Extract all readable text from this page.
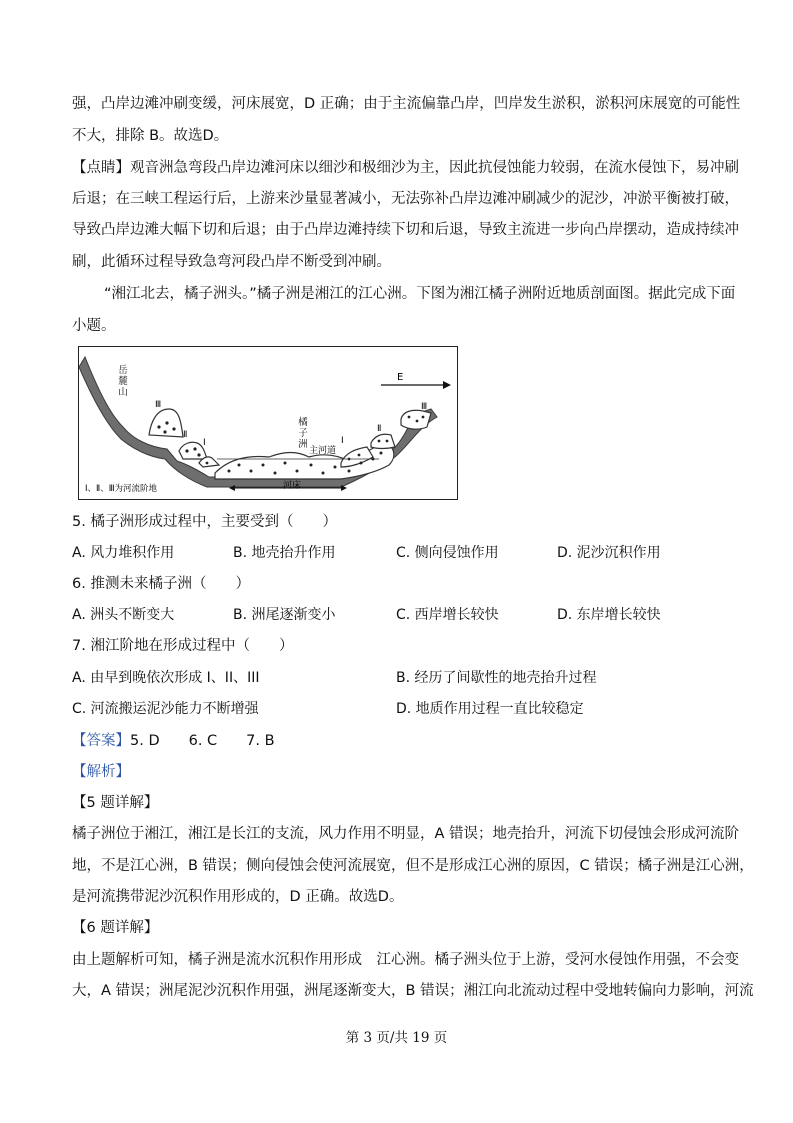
强，凸岸边滩冲刷变缓，河床展宽，D 正确；由于主流偏靠凸岸，凹岸发生淤积，淤积河床展宽的可能性
不大，排除 B。故选D。
【点睛】观音洲急弯段凸岸边滩河床以细沙和极细沙为主，因此抗侵蚀能力较弱，在流水侵蚀下，易冲刷
后退；在三峡工程运行后，上游来沙量显著减小，无法弥补凸岸边滩冲刷减少的泥沙，冲淤平衡被打破，
导致凸岸边滩大幅下切和后退；由于凸岸边滩持续下切和后退，导致主流进一步向凸岸摆动，造成持续冲
刷，此循环过程导致急弯河段凸岸不断受到冲刷。
“湘江北去，橘子洲头。”橘子洲是湘江的江心洲。下图为湘江橘子洲附近地质剖面图。据此完成下面
小题。
E
Ⅲ
Ⅱ
Ⅰ
主河道
Ⅰ
Ⅱ
Ⅲ
河床
Ⅰ、Ⅱ、Ⅲ为河流阶地
岳
麓
山
橘
子
洲
5. 橘子洲形成过程中，主要受到（　　）
A. 风力堆积作用	B. 地壳抬升作用	C. 侧向侵蚀作用	D. 泥沙沉积作用
6. 推测未来橘子洲（　　）
A. 洲头不断变大	B. 洲尾逐渐变小	C. 西岸增长较快	D. 东岸增长较快
7. 湘江阶地在形成过程中（　　）
A. 由早到晚依次形成 I、II、III	B. 经历了间歇性的地壳抬升过程
C. 河流搬运泥沙能力不断增强	D. 地质作用过程一直比较稳定
【答案】5. D　　6. C　　7. B
【解析】
【5 题详解】
橘子洲位于湘江，湘江是长江的支流，风力作用不明显，A 错误；地壳抬升，河流下切侵蚀会形成河流阶
地，不是江心洲，B 错误；侧向侵蚀会使河流展宽，但不是形成江心洲的原因，C 错误；橘子洲是江心洲，
是河流携带泥沙沉积作用形成的，D 正确。故选D。
【6 题详解】
由上题解析可知，橘子洲是流水沉积作用形成　江心洲。橘子洲头位于上游，受河水侵蚀作用强，不会变
大，A 错误；洲尾泥沙沉积作用强，洲尾逐渐变大，B 错误；湘江向北流动过程中受地转偏向力影响，河流
第 3 页/共 19 页
